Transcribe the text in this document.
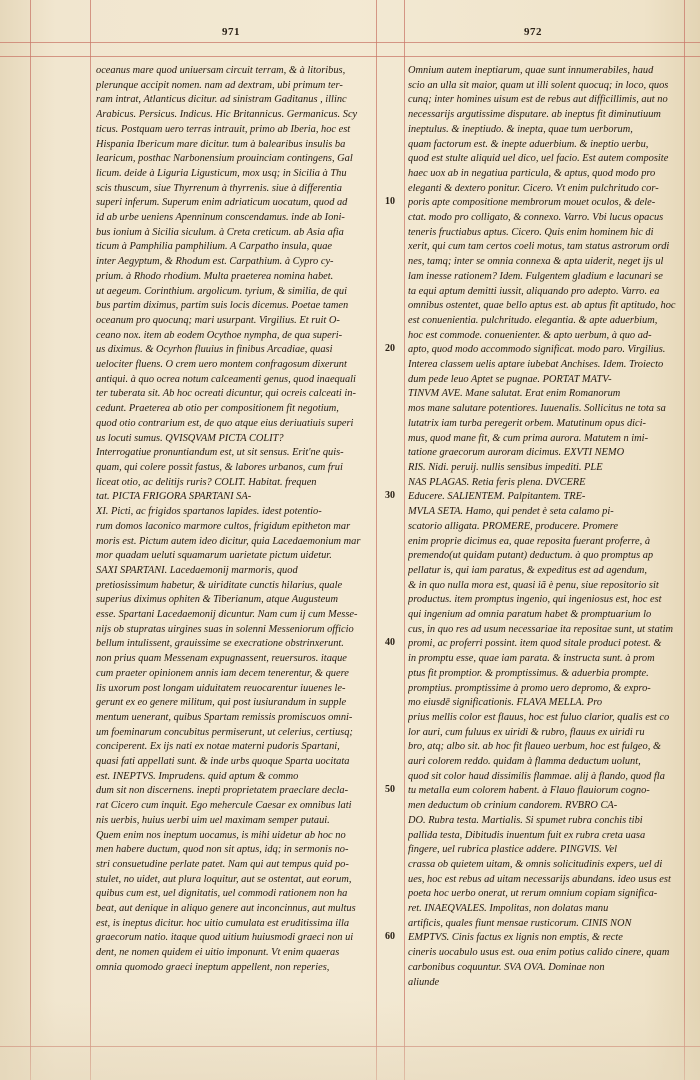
971	972
oceanus mare quod uniuersam circuit terram, & à litoribus,
plerunque accipit nomen. nam ad dextram, ubi primum ter-
ram intrat, Atlanticus dicitur. ad sinistram Gaditanus , illinc
Arabicus. Persicus. Indicus. Hic Britannicus. Germanicus. Scy
ticus. Postquam uero terras intrauit, primo ab Iberia, hoc est
Hispania Ibericum mare dicitur. tum à balearibus insulis ba
learicum, posthac Narbonensium prouinciam contingens, Gal
licum. deide à Liguria Ligusticum, mox usq; in Sicilia à Thu
scis thuscum, siue Thyrrenum à thyrrenis. siue à differentia
superi inferum. Superum enim adriaticum uocatum, quod ad
id ab urbe ueniens Apenninum conscendamus. inde ab Ioni-
bus ionium à Sicilia siculum. à Creta creticum. ab Asia afia
ticum à Pamphilia pamphilium. A Carpatho insula, quae
inter Aegyptum, & Rhodum est. Carpathium. à Cypro cy-
prium. à Rhodo rhodium. Multa praeterea nomina habet.
ut aegeum. Corinthium. argolicum. tyrium, & similia, de qui
bus partim diximus, partim suis locis dicemus. Poetae tamen
oceanum pro quocunq; mari usurpant. Virgilius. Et ruit O-
ceano nox. item ab eodem Ocythoe nympha, de qua superi-
us diximus. & Ocyrhon fluuius in finibus Arcadiae, quasi
uelociter fluens. O crem uero montem confragosum dixerunt
antiqui. à quo ocrea notum calceamenti genus, quod inaequali
ter tuberata sit. Ab hoc ocreati dicuntur, qui ocreis calceati in-
cedunt. Praeterea ab otio per compositionem fit negotium,
quod otio contrarium est, de quo atque eius deriuatiuis superi
us locuti sumus. QVISQVAM PICTA COLIT?
Interrogatiue pronuntiandum est, ut sit sensus. Erit'ne quis-
quam, qui colere possit fastus, & labores urbanos, cum frui
liceat otio, ac delitijs ruris? COLIT. Habitat. frequen
tat. PICTA FRIGORA SPARTANI SA-
XI. Picti, ac frigidos spartanos lapides. idest potentio-
rum domos laconico marmore cultos, frigidum epitheton mar
moris est. Pictum autem ideo dicitur, quia Lacedaemonium mar
mor quadam ueluti squamarum uarietate pictum uidetur.
SAXI SPARTANI. Lacedaemonij marmoris, quod
pretiosissimum habetur, & uiriditate cunctis hilarius, quale
superius diximus ophiten & Tiberianum, atque Augusteum
esse. Spartani Lacedaemonij dicuntur. Nam cum ij cum Messe-
nijs ob stupratas uirgines suas in solenni Messeniorum officio
bellum intulissent, grauissime se execratione obstrinxerunt.
non prius quam Messenam expugnassent, reuersuros. itaque
cum praeter opinionem annis iam decem tenerentur, & quere
lis uxorum post longam uiduitatem reuocarentur iuuenes le-
gerunt ex eo genere militum, qui post iusiurandum in supple
mentum uenerant, quibus Spartam remissis promiscuos omni-
um foeminarum concubitus permiserunt, ut celerius, certiusq;
conciperent. Ex ijs nati ex notae materni pudoris Spartani,
quasi fati appellati sunt. & inde urbs quoque Sparta uocitata
est. INEPTVS. Imprudens. quid aptum & commo
dum sit non discernens. inepti proprietatem praeclare decla-
rat Cicero cum inquit. Ego mehercule Caesar ex omnibus lati
nis uerbis, huius uerbi uim uel maximam semper putaui.
Quem enim nos ineptum uocamus, is mihi uidetur ab hoc no
men habere ductum, quod non sit aptus, idq; in sermonis no-
stri consuetudine perlate patet. Nam qui aut tempus quid po-
stulet, no uidet, aut plura loquitur, aut se ostentat, aut eorum,
quibus cum est, uel dignitatis, uel commodi rationem non ha
beat, aut denique in aliquo genere aut inconcinnus, aut multus
est, is ineptus dicitur. hoc uitio cumulata est eruditissima illa
graecorum natio. itaque quod uitium huiusmodi graeci non ui
dent, ne nomen quidem ei uitio imponunt. Vt enim quaeras
omnia quomodo graeci ineptum appellent, non reperies,
Omnium autem ineptiarum, quae sunt innumerabiles, haud
scio an ulla sit maior, quam ut illi solent quocuq; in loco, quos
cunq; inter homines uisum est de rebus aut difficillimis, aut no
necessarijs argutissime disputare. ab ineptus fit diminutiuum
ineptulus. & ineptiudo. & inepta, quae tum uerborum,
quam factorum est. & inepte aduerbium. & ineptio uerbu,
quod est stulte aliquid uel dico, uel facio. Est autem composite
haec uox ab in negatiua particula, & aptus, quod modo pro
eleganti & dextero ponitur. Cicero. Vt enim pulchritudo cor-
poris apte compositione membrorum mouet oculos, & dele-
ctat. modo pro colligato, & connexo. Varro. Vbi lucus opacus
teneris fructiabus aptus. Cicero. Quis enim hominem hic di
xerit, qui cum tam certos coeli motus, tam status astrorum ordi
nes, tamq; inter se omnia connexa & apta uiderit, neget ijs ul
lam inesse rationem? Idem. Fulgentem gladium e lacunari se
ta equi aptum demitti iussit, aliquando pro adepto. Varro. ea
omnibus ostentet, quae bello aptus est. ab aptus fit aptitudo, hoc
est conuenientia. pulchritudo. elegantia. & apte aduerbium,
hoc est commode. conuenienter. & apto uerbum, à quo ad-
apto, quod modo accommodo significat. modo paro. Virgilius.
Interea classem uelis aptare iubebat Anchises. Idem. Troiecto
dum pede leuo Aptet se pugnae. PORTAT MATV-
TINVM AVE. Mane salutat. Erat enim Romanorum
mos mane salutare potentiores. Iuuenalis. Sollicitus ne tota sa
lutatrix iam turba peregerit orbem. Matutinum opus dici-
mus, quod mane fit, & cum prima aurora. Matutem n imi-
tatione graecorum auroram dicimus. EXVTI NEMO
RIS. Nidi. peruij. nullis sensibus impediti. PLE
NAS PLAGAS. Retia feris plena. DVCERE
Educere. SALIENTEM. Palpitantem. TRE-
MVLA SETA. Hamo, qui pendet è seta calamo pi-
scatorio alligata. PROMERE, producere. Promere
enim proprie dicimus ea, quae reposita fuerant proferre, à
premendo(ut quidam putant) deductum. à quo promptus ap
pellatur is, qui iam paratus, & expeditus est ad agendum,
& in quo nulla mora est, quasi iã è penu, siue repositorio sit
productus. item promptus ingenio, qui ingeniosus est, hoc est
qui ingenium ad omnia paratum habet & promptuarium lo
cus, in quo res ad usum necessariae ita repositae sunt, ut statim
promi, ac proferri possint. item quod sitale produci potest. &
in promptu esse, quae iam parata. & instructa sunt. à prom
ptus fit promptior. & promptissimus. & aduerbia prompte.
promptius. promptissime à promo uero depromo, & expro-
mo eiusdē significationis. FLAVA MELLA. Pro
prius mellis color est flauus, hoc est fuluo clarior, qualis est co
lor auri, cum fuluus ex uiridi & rubro, flauus ex uiridi ru
bro, atq; albo sit. ab hoc fit flaueo uerbum, hoc est fulgeo, &
auri colorem reddo. quidam à flamma deductum uolunt,
quod sit color haud dissimilis flammae. alij à flando, quod fla
tu metalla eum colorem habent. à Flauo flauiorum cogno-
men deductum ob crinium candorem. RVBRO CA-
DO. Rubra testa. Martialis. Si spumet rubra conchis tibi
pallida testa, Dibitudis inuentum fuit ex rubra creta uasa
fingere, uel rubrica plastice addere. PINGVIS. Vel
crassa ob quietem uitam, & omnis solicitudinis expers, uel di
ues, hoc est rebus ad uitam necessarijs abundans. ideo usus est
poeta hoc uerbo onerat, ut rerum omnium copiam significa-
ret. INAEQVALES. Impolitas, non dolatas manu
artificis, quales fiunt mensae rusticorum. CINIS NON
EMPTVS. Cinis factus ex lignis non emptis, & recte
cineris uocabulo usus est. oua enim potius calido cinere, quam
carbonibus coquuntur. SVA OVA. Dominae non
aliunde
10
20
30
40
50
60
